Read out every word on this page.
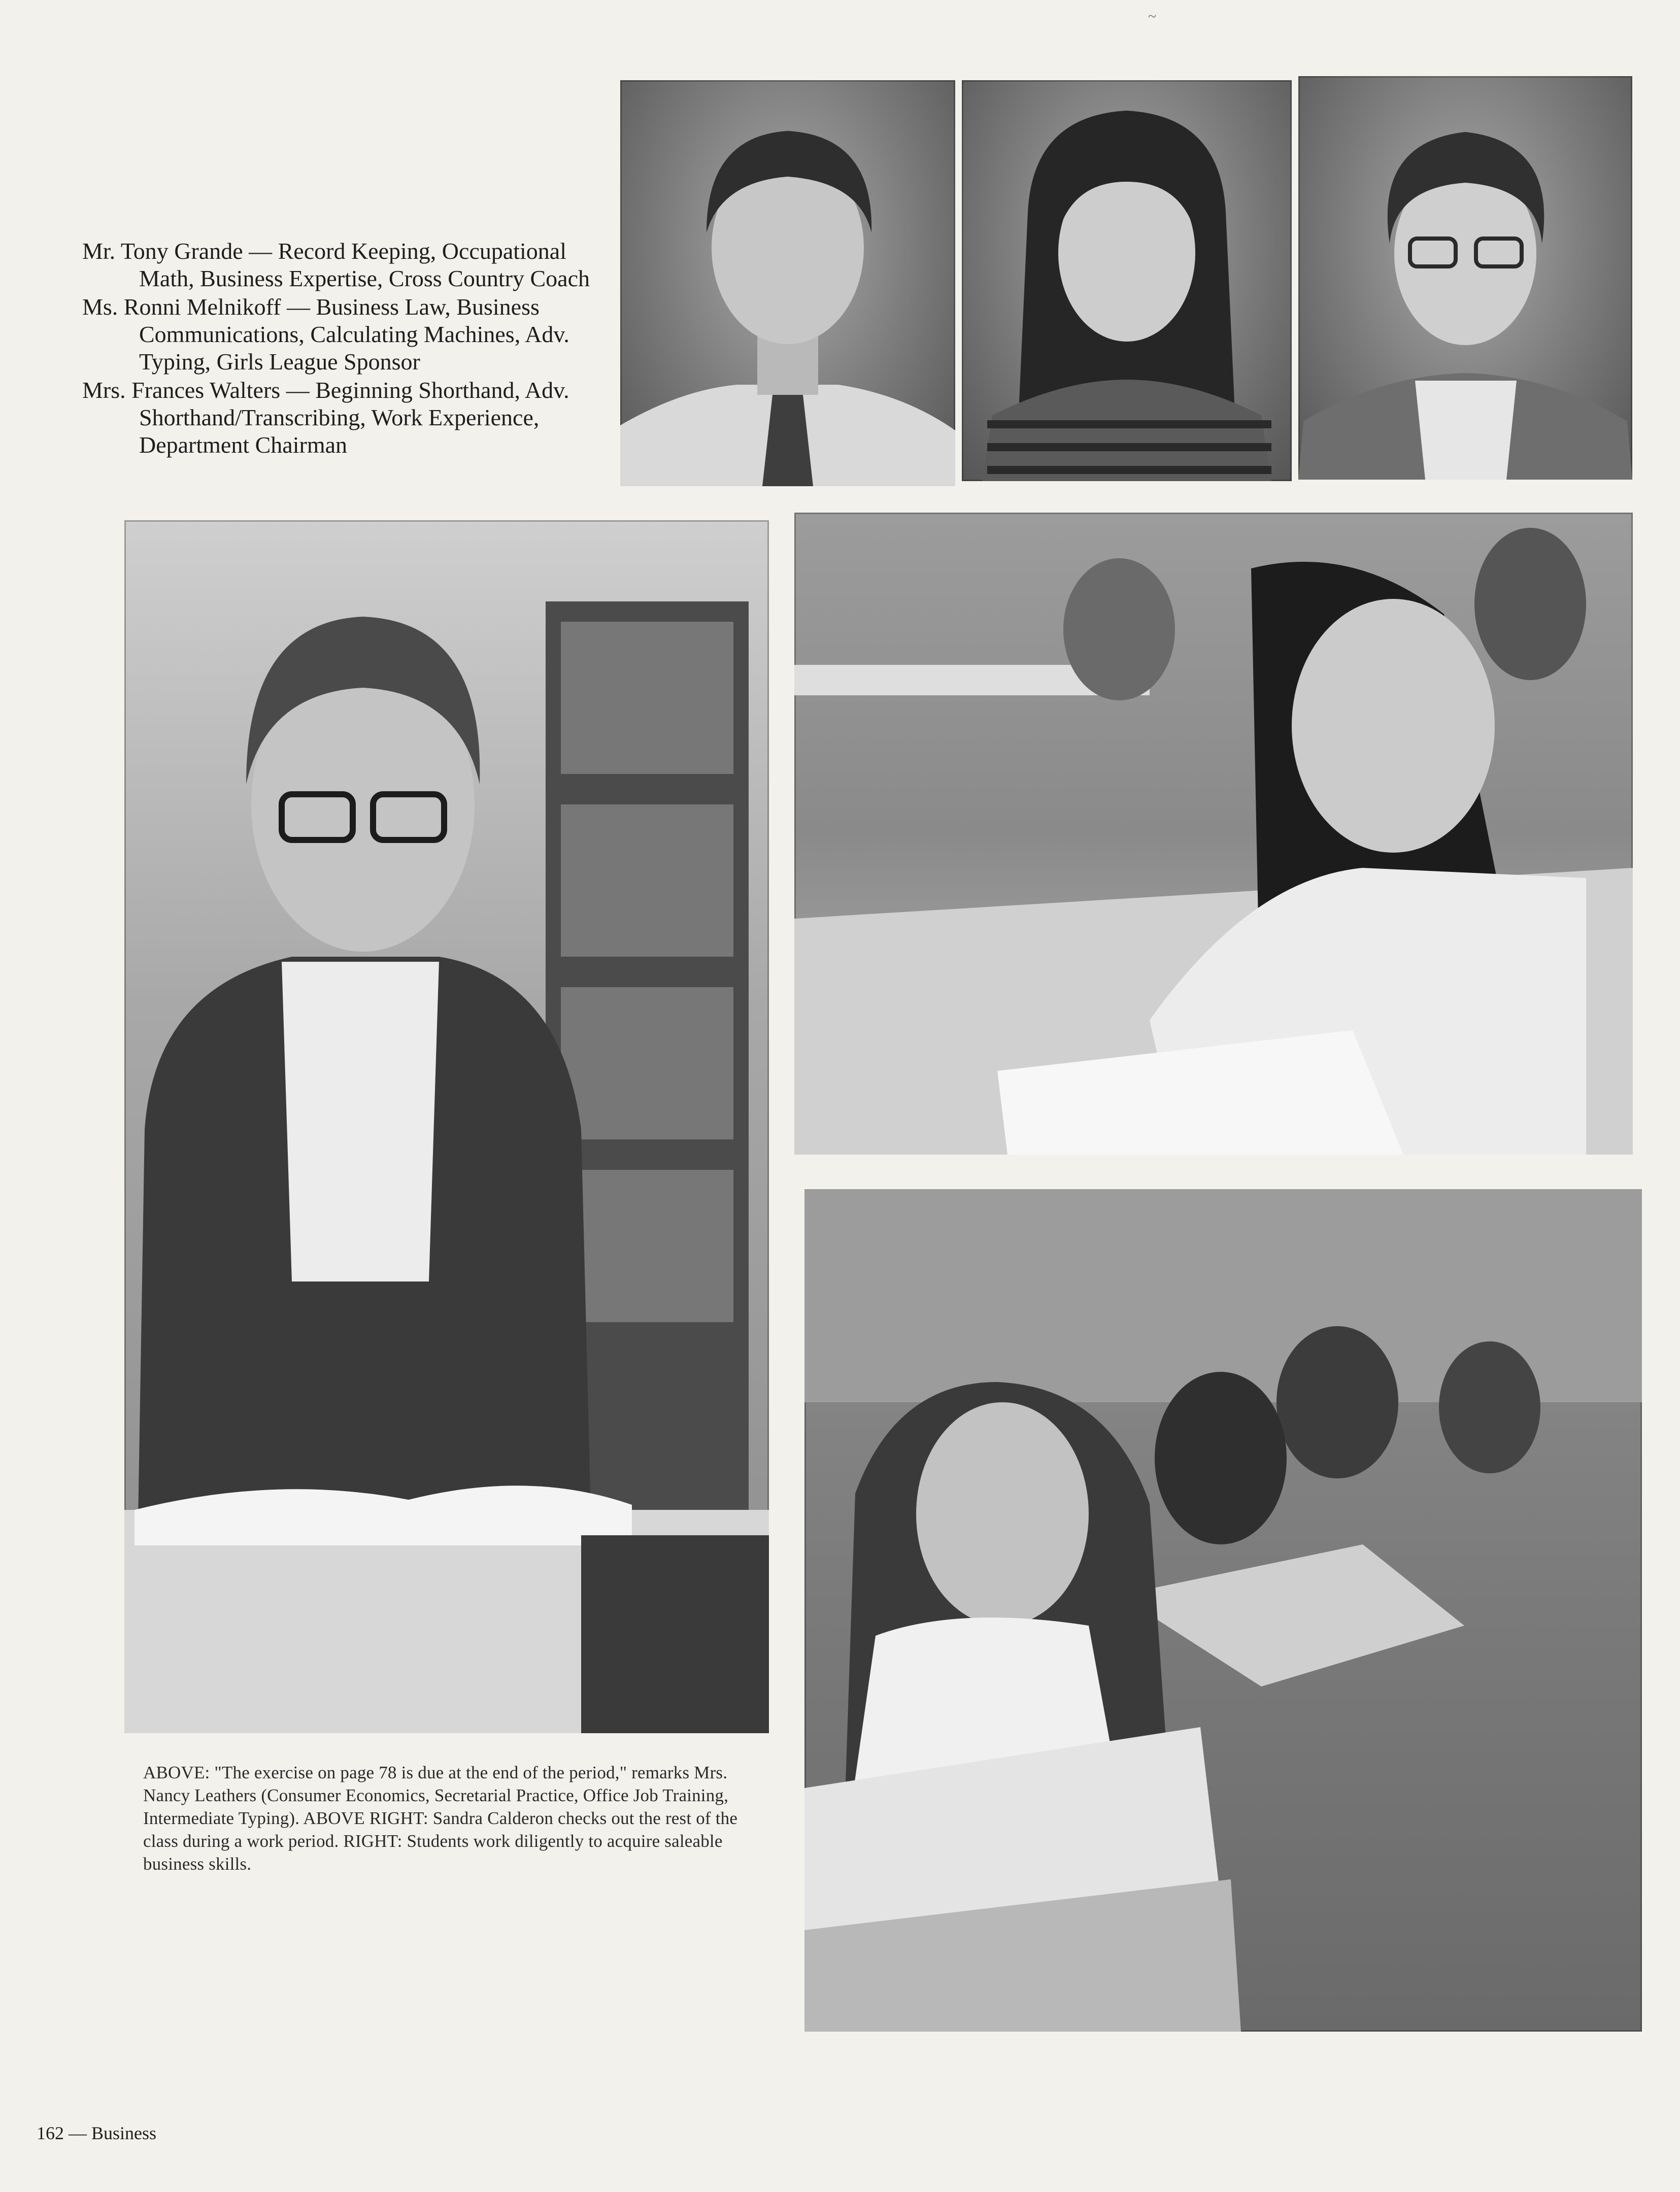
Mr. Tony Grande — Record Keeping, Occupational Math, Business Expertise, Cross Country Coach
Ms. Ronni Melnikoff — Business Law, Business Communications, Calculating Machines, Adv. Typing, Girls League Sponsor
Mrs. Frances Walters — Beginning Shorthand, Adv. Shorthand/Transcribing, Work Experience, Department Chairman
ABOVE: "The exercise on page 78 is due at the end of the period," remarks Mrs. Nancy Leathers (Consumer Economics, Secretarial Practice, Office Job Training, Intermediate Typing). ABOVE RIGHT: Sandra Calderon checks out the rest of the class during a work period. RIGHT: Students work diligently to acquire saleable business skills.
162 — Business
~
